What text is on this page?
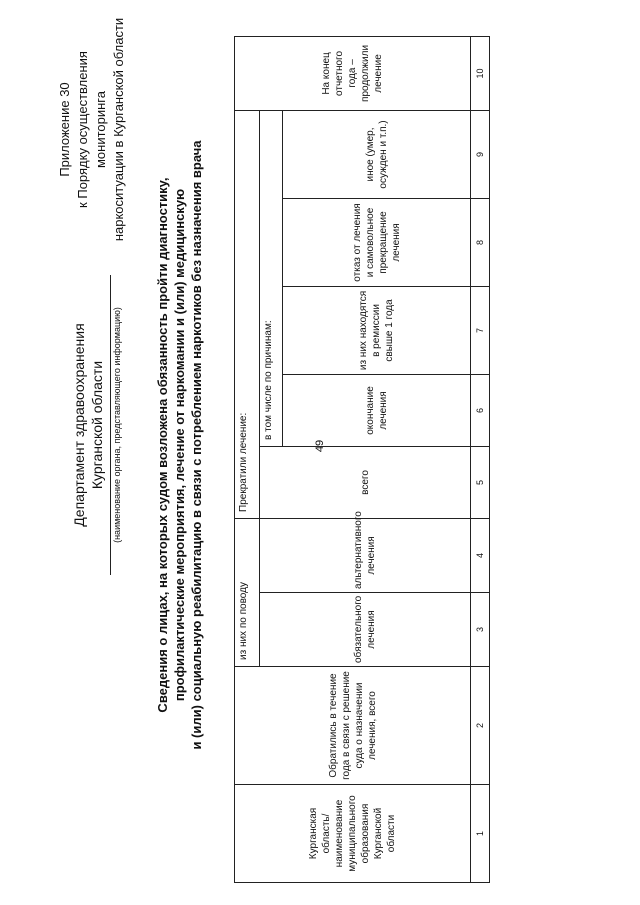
49
Приложение 30 к Порядку осуществления мониторинга наркоситуации в Курганской области
Департамент здравоохранения Курганской области (наименование органа, представляющего информацию)	Сведения о лицах, на которых судом возложена обязанность пройти диагностику, профилактические мероприятия, лечение от наркомании и (или) медицинскую и (или) социальную реабилитацию в связи с потреблением наркотиков без назначения врача
Курганская область/ наименование муниципального образования Курганской области	Обратились в течение года в связи с решение суда о назначении лечения, всего	из них по поводу		Прекратили лечение:					На конец отчетного года – продолжили лечение
		обязательного лечения	альтернативного лечения	всего	в том числе по причинам:				
					окончание лечения	из них находятся в ремиссии свыше 1 года	отказ от лечения и самовольное прекращение лечения	иное (умер, осужден и т.п.)	
1	2	3	4	5	6	7	8	9	10
